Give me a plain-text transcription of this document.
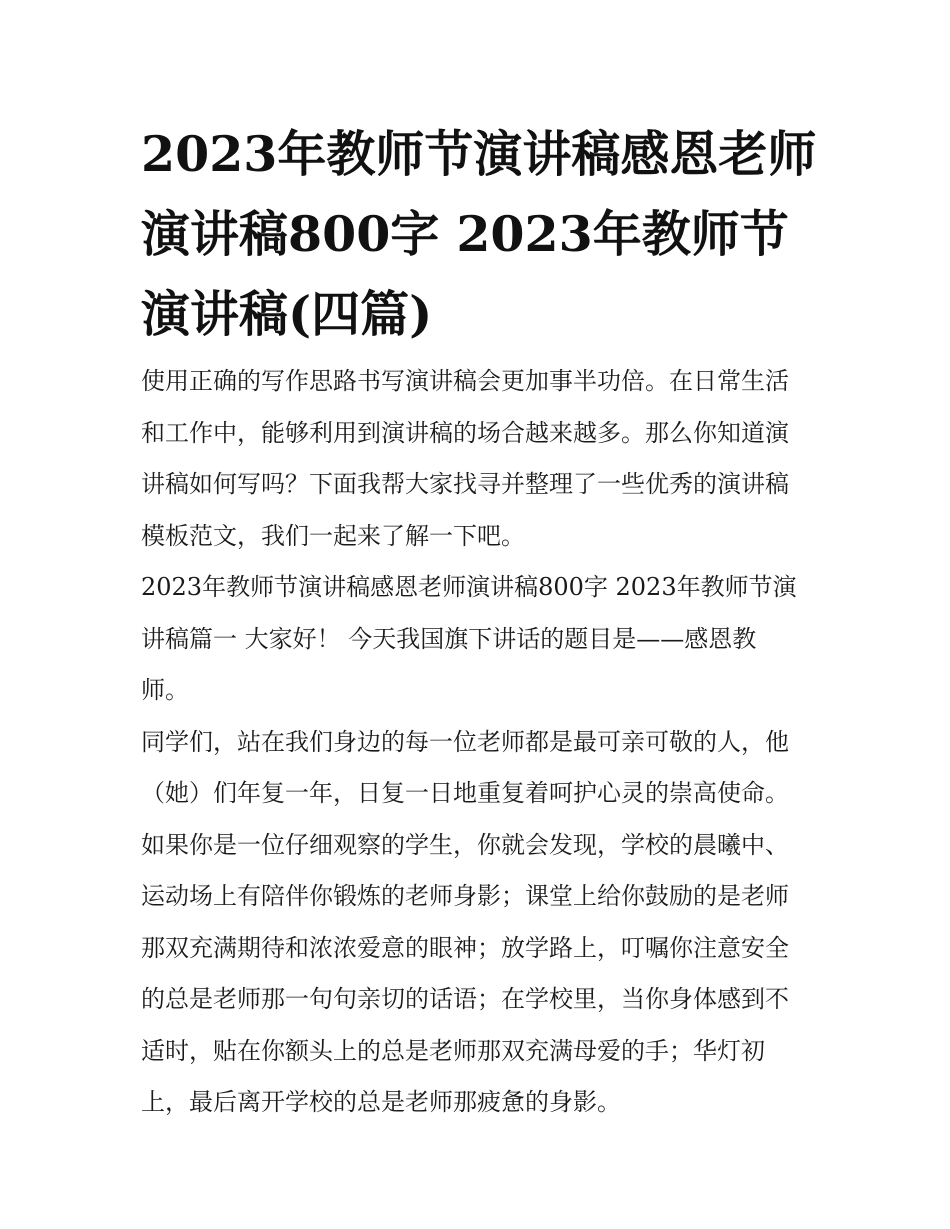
2023年教师节演讲稿感恩老师
演讲稿800字 2023年教师节
演讲稿(四篇)
使用正确的写作思路书写演讲稿会更加事半功倍。在日常生活
和工作中，能够利用到演讲稿的场合越来越多。那么你知道演
讲稿如何写吗？下面我帮大家找寻并整理了一些优秀的演讲稿
模板范文，我们一起来了解一下吧。
2023年教师节演讲稿感恩老师演讲稿800字 2023年教师节演
讲稿篇一 大家好！ 今天我国旗下讲话的题目是——感恩教
师。
同学们，站在我们身边的每一位老师都是最可亲可敬的人，他
（她）们年复一年，日复一日地重复着呵护心灵的崇高使命。
如果你是一位仔细观察的学生，你就会发现，学校的晨曦中、
运动场上有陪伴你锻炼的老师身影；课堂上给你鼓励的是老师
那双充满期待和浓浓爱意的眼神；放学路上，叮嘱你注意安全
的总是老师那一句句亲切的话语；在学校里，当你身体感到不
适时，贴在你额头上的总是老师那双充满母爱的手；华灯初
上，最后离开学校的总是老师那疲惫的身影。
